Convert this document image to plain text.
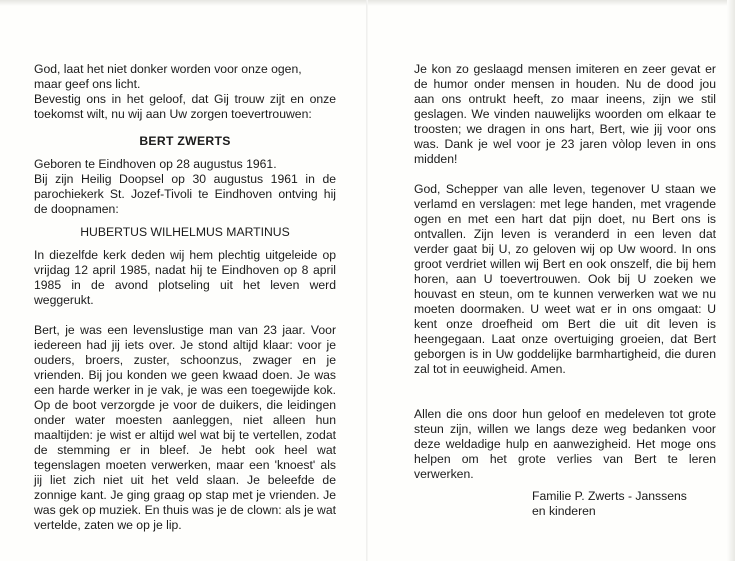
God, laat het niet donker worden voor onze ogen,

maar geef ons licht.

Bevestig ons in het geloof, dat Gij trouw zijt en onze toekomst wilt, nu wij aan Uw zorgen toevertrouwen:

BERT ZWERTS

Geboren te Eindhoven op 28 augustus 1961.

Bij zijn Heilig Doopsel op 30 augustus 1961 in de parochiekerk St. Jozef-Tivoli te Eindhoven ontving hij de doopnamen:

HUBERTUS WILHELMUS MARTINUS

In diezelfde kerk deden wij hem plechtig uitgeleide op vrijdag 12 april 1985, nadat hij te Eindhoven op 8 april 1985 in de avond plotseling uit het leven werd weggerukt.

Bert, je was een levenslustige man van 23 jaar. Voor iedereen had jij iets over. Je stond altijd klaar: voor je ouders, broers, zuster, schoonzus, zwager en je vrienden. Bij jou konden we geen kwaad doen. Je was een harde werker in je vak, je was een toegewijde kok. Op de boot verzorgde je voor de duikers, die leidingen onder water moesten aanleggen, niet alleen hun maaltijden: je wist er altijd wel wat bij te vertellen, zodat de stemming er in bleef. Je hebt ook heel wat tegenslagen moeten verwerken, maar een 'knoest' als jij liet zich niet uit het veld slaan. Je beleefde de zonnige kant. Je ging graag op stap met je vrienden. Je was gek op muziek. En thuis was je de clown: als je wat vertelde, zaten we op je lip.

Je kon zo geslaagd mensen imiteren en zeer gevat er de humor onder mensen in houden. Nu de dood jou aan ons ontrukt heeft, zo maar ineens, zijn we stil geslagen. We vinden nauwelijks woorden om elkaar te troosten; we dragen in ons hart, Bert, wie jij voor ons was. Dank je wel voor je 23 jaren vòlop leven in ons midden!

God, Schepper van alle leven, tegenover U staan we verlamd en verslagen: met lege handen, met vragende ogen en met een hart dat pijn doet, nu Bert ons is ontvallen. Zijn leven is veranderd in een leven dat verder gaat bij U, zo geloven wij op Uw woord. In ons groot verdriet willen wij Bert en ook onszelf, die bij hem horen, aan U toevertrouwen. Ook bij U zoeken we houvast en steun, om te kunnen verwerken wat we nu moeten doormaken. U weet wat er in ons omgaat: U kent onze droefheid om Bert die uit dit leven is heengegaan. Laat onze overtuiging groeien, dat Bert geborgen is in Uw goddelijke barmhartigheid, die duren zal tot in eeuwigheid. Amen.

Allen die ons door hun geloof en medeleven tot grote steun zijn, willen we langs deze weg bedanken voor deze weldadige hulp en aanwezigheid. Het moge ons helpen om het grote verlies van Bert te leren verwerken.

Familie P. Zwerts - Janssens
en kinderen
